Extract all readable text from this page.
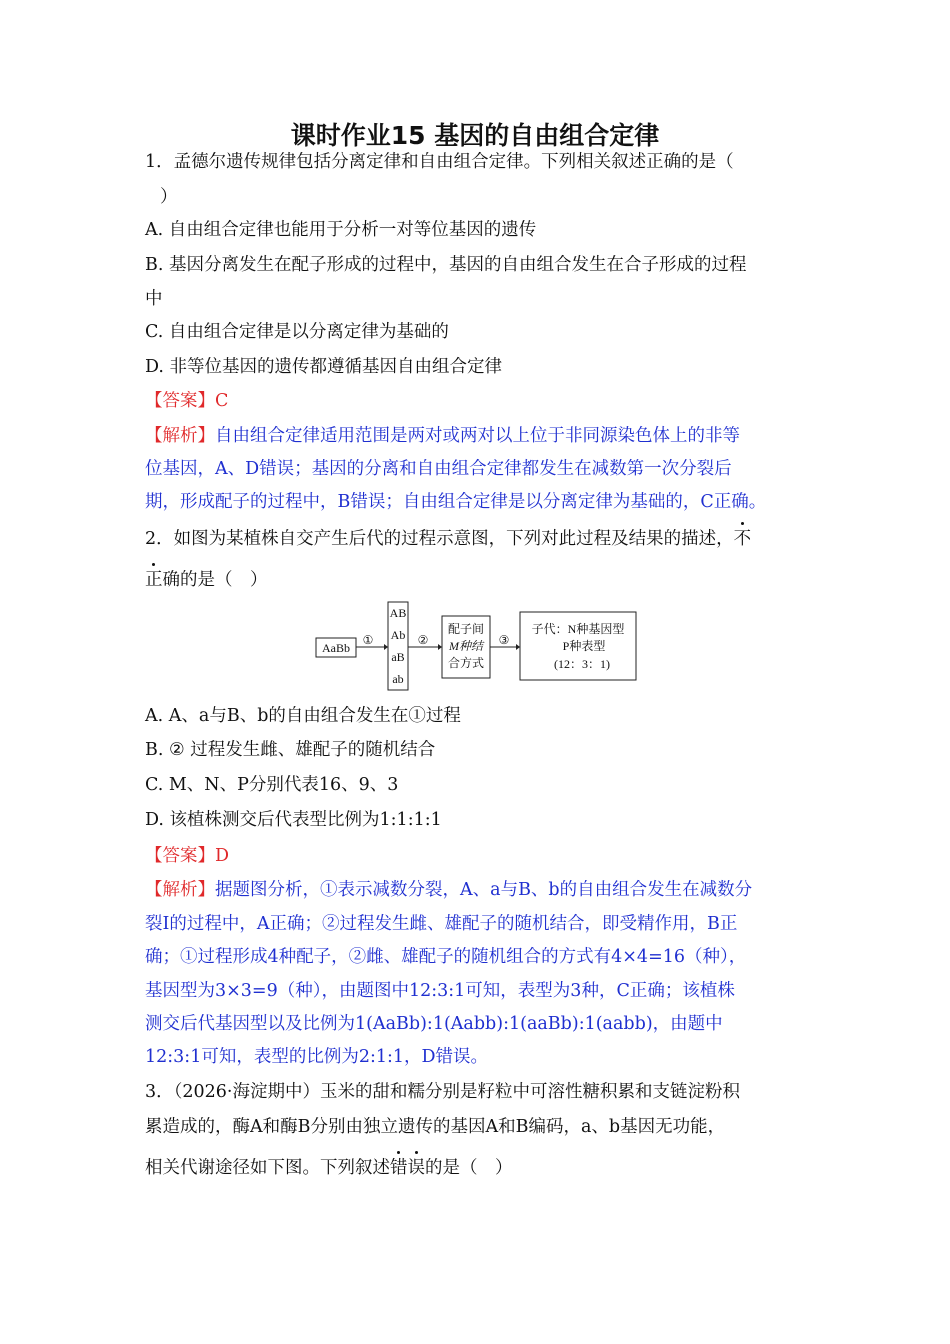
课时作业15 基因的自由组合定律
1．孟德尔遗传规律包括分离定律和自由组合定律。下列相关叙述正确的是（
）
A. 自由组合定律也能用于分析一对等位基因的遗传
B. 基因分离发生在配子形成的过程中，基因的自由组合发生在合子形成的过程
中
C. 自由组合定律是以分离定律为基础的
D. 非等位基因的遗传都遵循基因自由组合定律
【答案】C
【解析】自由组合定律适用范围是两对或两对以上位于非同源染色体上的非等
位基因，A、D错误；基因的分离和自由组合定律都发生在减数第一次分裂后
期，形成配子的过程中，B错误；自由组合定律是以分离定律为基础的，C正确。
2．如图为某植株自交产生后代的过程示意图，下列对此过程及结果的描述，不
正确的是（　）
AaBb
①
AB
Ab
aB
ab
②
配子间
M种结
合方式
③
子代：N种基因型
P种表型
(12：3：1)
A. A、a与B、b的自由组合发生在①过程
B. ② 过程发生雌、雄配子的随机结合
C. M、N、P分别代表16、9、3
D. 该植株测交后代表型比例为1:1:1:1
【答案】D
【解析】据题图分析，①表示减数分裂，A、a与B、b的自由组合发生在减数分
裂Ⅰ的过程中，A正确；②过程发生雌、雄配子的随机结合，即受精作用，B正
确；①过程形成4种配子，②雌、雄配子的随机组合的方式有4×4=16（种），
基因型为3×3=9（种），由题图中12:3:1可知，表型为3种，C正确；该植株
测交后代基因型以及比例为1(AaBb):1(Aabb):1(aaBb):1(aabb)，由题中
12:3:1可知，表型的比例为2:1:1，D错误。
3．（2026·海淀期中）玉米的甜和糯分别是籽粒中可溶性糖积累和支链淀粉积
累造成的，酶A和酶B分别由独立遗传的基因A和B编码，a、b基因无功能，
相关代谢途径如下图。下列叙述错误的是（　）
